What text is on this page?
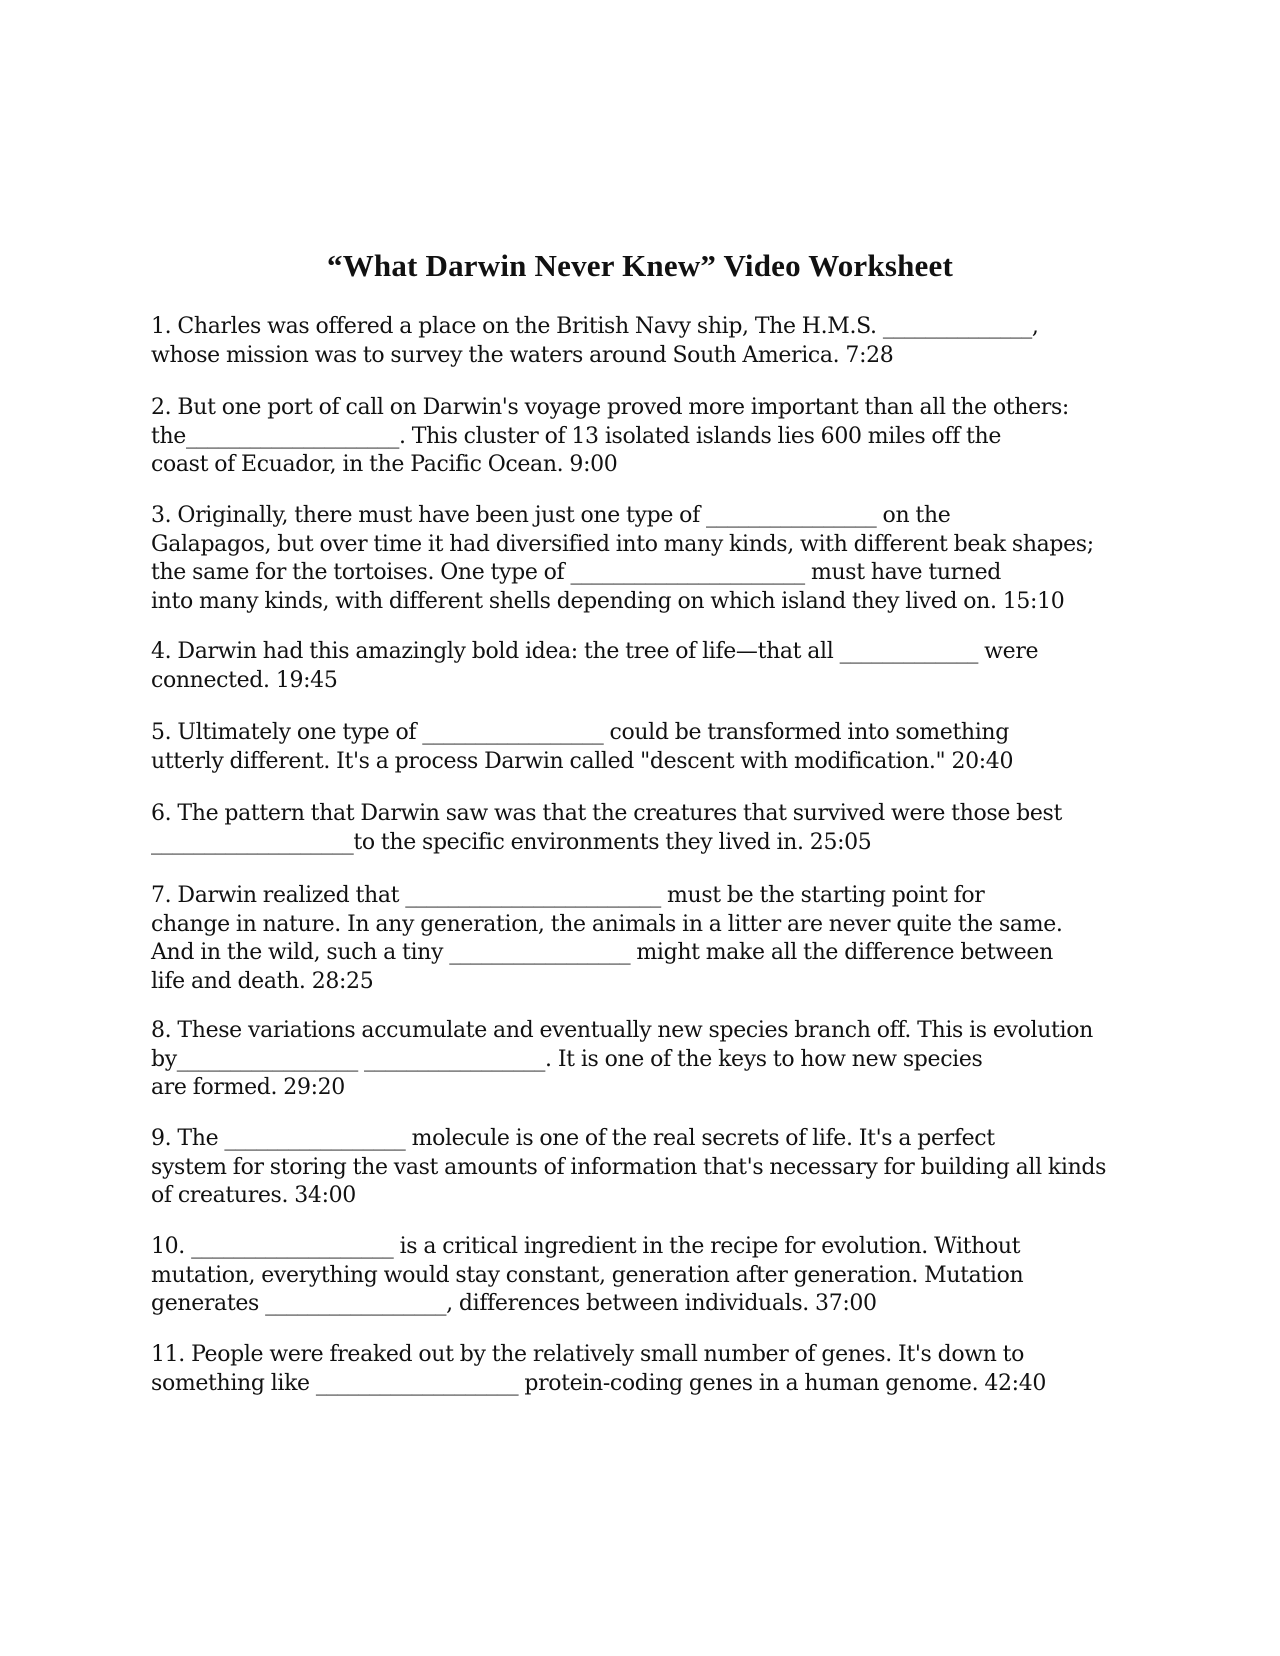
“What Darwin Never Knew” Video Worksheet

1. Charles was offered a place on the British Navy ship, The H.M.S. ______________,
whose mission was to survey the waters around South America. 7:28

2. But one port of call on Darwin's voyage proved more important than all the others:
the____________________. This cluster of 13 isolated islands lies 600 miles off the
coast of Ecuador, in the Pacific Ocean. 9:00

3. Originally, there must have been just one type of ________________ on the
Galapagos, but over time it had diversified into many kinds, with different beak shapes;
the same for the tortoises. One type of ______________________ must have turned
into many kinds, with different shells depending on which island they lived on. 15:10

4. Darwin had this amazingly bold idea: the tree of life—that all _____________ were
connected. 19:45

5. Ultimately one type of _________________ could be transformed into something
utterly different. It's a process Darwin called "descent with modification." 20:40

6. The pattern that Darwin saw was that the creatures that survived were those best
___________________to the specific environments they lived in. 25:05

7. Darwin realized that ________________________ must be the starting point for
change in nature. In any generation, the animals in a litter are never quite the same.
And in the wild, such a tiny _________________ might make all the difference between
life and death. 28:25

8. These variations accumulate and eventually new species branch off. This is evolution
by_________________ _________________. It is one of the keys to how new species
are formed. 29:20

9. The _________________ molecule is one of the real secrets of life. It's a perfect
system for storing the vast amounts of information that's necessary for building all kinds
of creatures. 34:00

10. ___________________ is a critical ingredient in the recipe for evolution. Without
mutation, everything would stay constant, generation after generation. Mutation
generates _________________, differences between individuals. 37:00

11. People were freaked out by the relatively small number of genes. It's down to
something like ___________________ protein-coding genes in a human genome. 42:40
